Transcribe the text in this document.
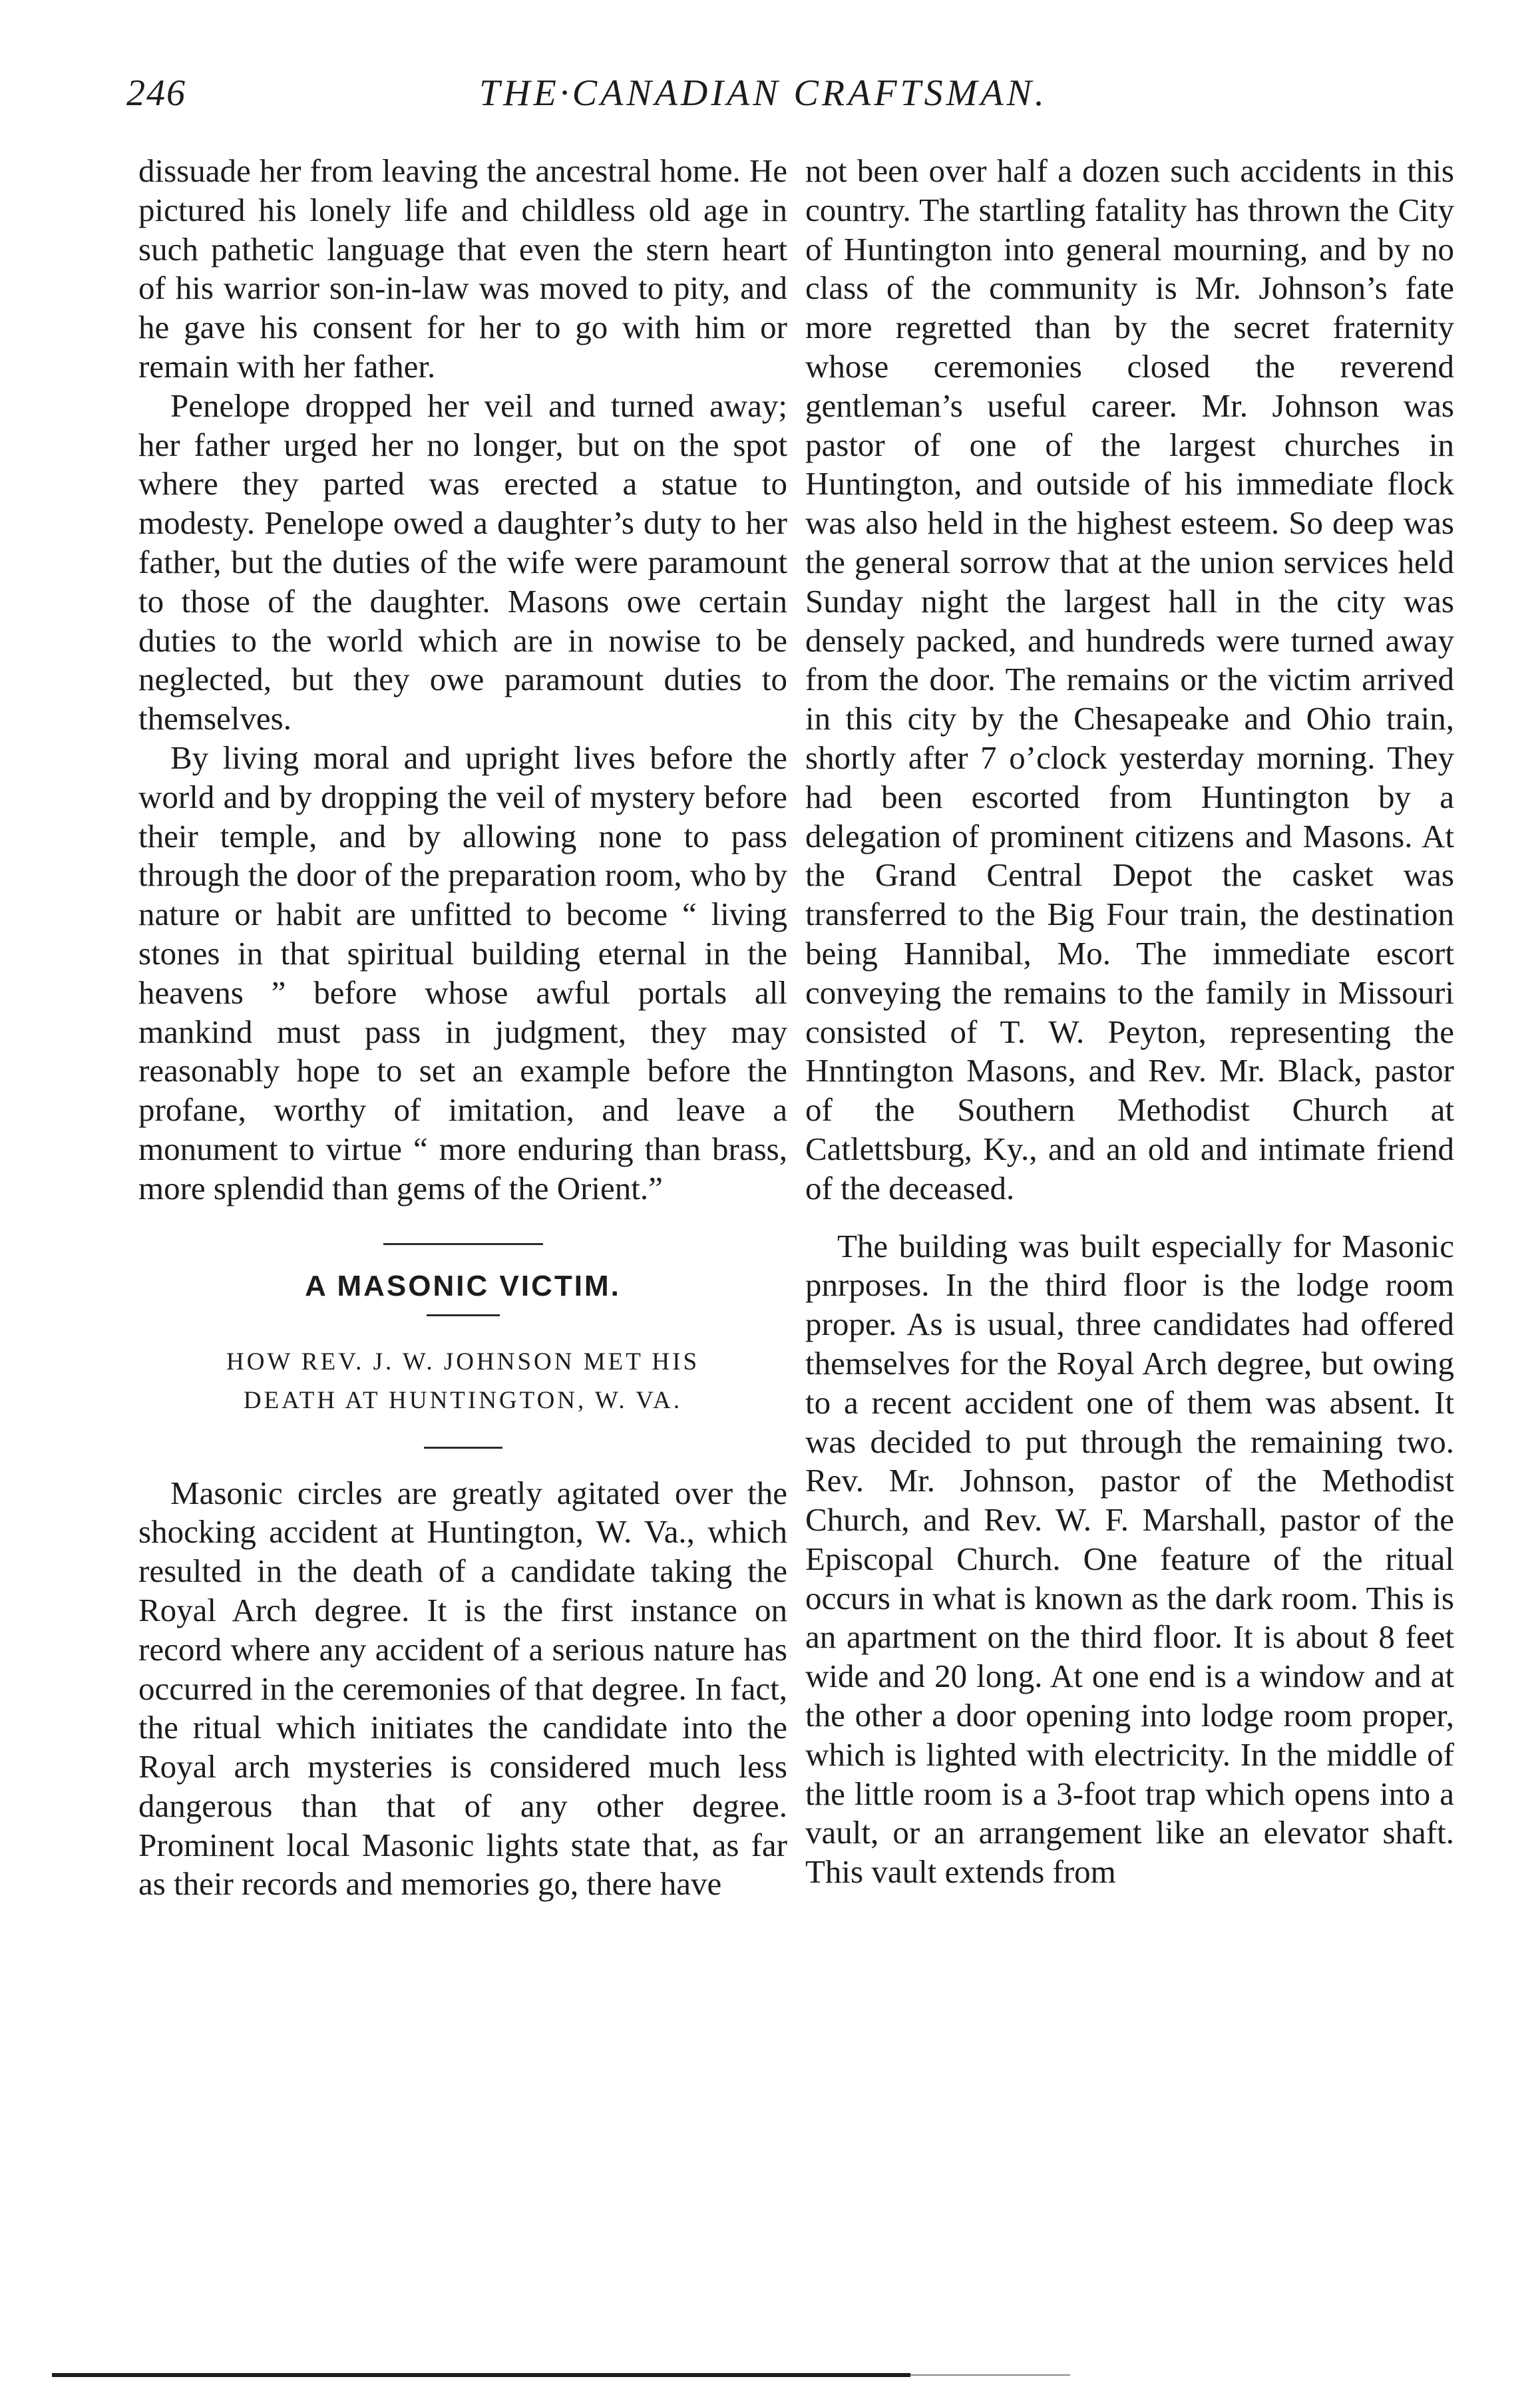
246	THE·CANADIAN CRAFTSMAN.

dissuade her from leaving the ancestral home. He pictured his lonely life and childless old age in such pathetic language that even the stern heart of his warrior son-in-law was moved to pity, and he gave his consent for her to go with him or remain with her father.

Penelope dropped her veil and turned away; her father urged her no longer, but on the spot where they parted was erected a statue to modesty. Penelope owed a daughter’s duty to her father, but the duties of the wife were paramount to those of the daughter. Masons owe certain duties to the world which are in nowise to be neglected, but they owe paramount duties to themselves.

By living moral and upright lives before the world and by dropping the veil of mystery before their temple, and by allowing none to pass through the door of the preparation room, who by nature or habit are unfitted to become “ living stones in that spiritual building eternal in the heavens ” before whose awful portals all mankind must pass in judgment, they may reasonably hope to set an example before the profane, worthy of imitation, and leave a monument to virtue “ more enduring than brass, more splendid than gems of the Orient.”

A MASONIC VICTIM.

HOW REV. J. W. JOHNSON MET HIS

DEATH AT HUNTINGTON, W. VA.

Masonic circles are greatly agitated over the shocking accident at Huntington, W. Va., which resulted in the death of a candidate taking the Royal Arch degree. It is the first instance on record where any accident of a serious nature has occurred in the ceremonies of that degree. In fact, the ritual which initiates the candidate into the Royal arch mysteries is considered much less dangerous than that of any other degree. Prominent local Masonic lights state that, as far as their records and memories go, there have

not been over half a dozen such accidents in this country. The startling fatality has thrown the City of Huntington into general mourning, and by no class of the community is Mr. Johnson’s fate more regretted than by the secret fraternity whose ceremonies closed the reverend gentleman’s useful career. Mr. Johnson was pastor of one of the largest churches in Huntington, and outside of his immediate flock was also held in the highest esteem. So deep was the general sorrow that at the union services held Sunday night the largest hall in the city was densely packed, and hundreds were turned away from the door. The remains or the victim arrived in this city by the Chesapeake and Ohio train, shortly after 7 o’clock yesterday morning. They had been escorted from Huntington by a delegation of prominent citizens and Masons. At the Grand Central Depot the casket was transferred to the Big Four train, the destination being Hannibal, Mo. The immediate escort conveying the remains to the family in Missouri consisted of T. W. Peyton, representing the Hnntington Masons, and Rev. Mr. Black, pastor of the Southern Methodist Church at Catlettsburg, Ky., and an old and intimate friend of the deceased.

The building was built especially for Masonic pnrposes. In the third floor is the lodge room proper. As is usual, three candidates had offered themselves for the Royal Arch degree, but owing to a recent accident one of them was absent. It was decided to put through the remaining two. Rev. Mr. Johnson, pastor of the Methodist Church, and Rev. W. F. Marshall, pastor of the Episcopal Church. One feature of the ritual occurs in what is known as the dark room. This is an apartment on the third floor. It is about 8 feet wide and 20 long. At one end is a window and at the other a door opening into lodge room proper, which is lighted with electricity. In the middle of the little room is a 3-foot trap which opens into a vault, or an arrangement like an elevator shaft. This vault extends from
